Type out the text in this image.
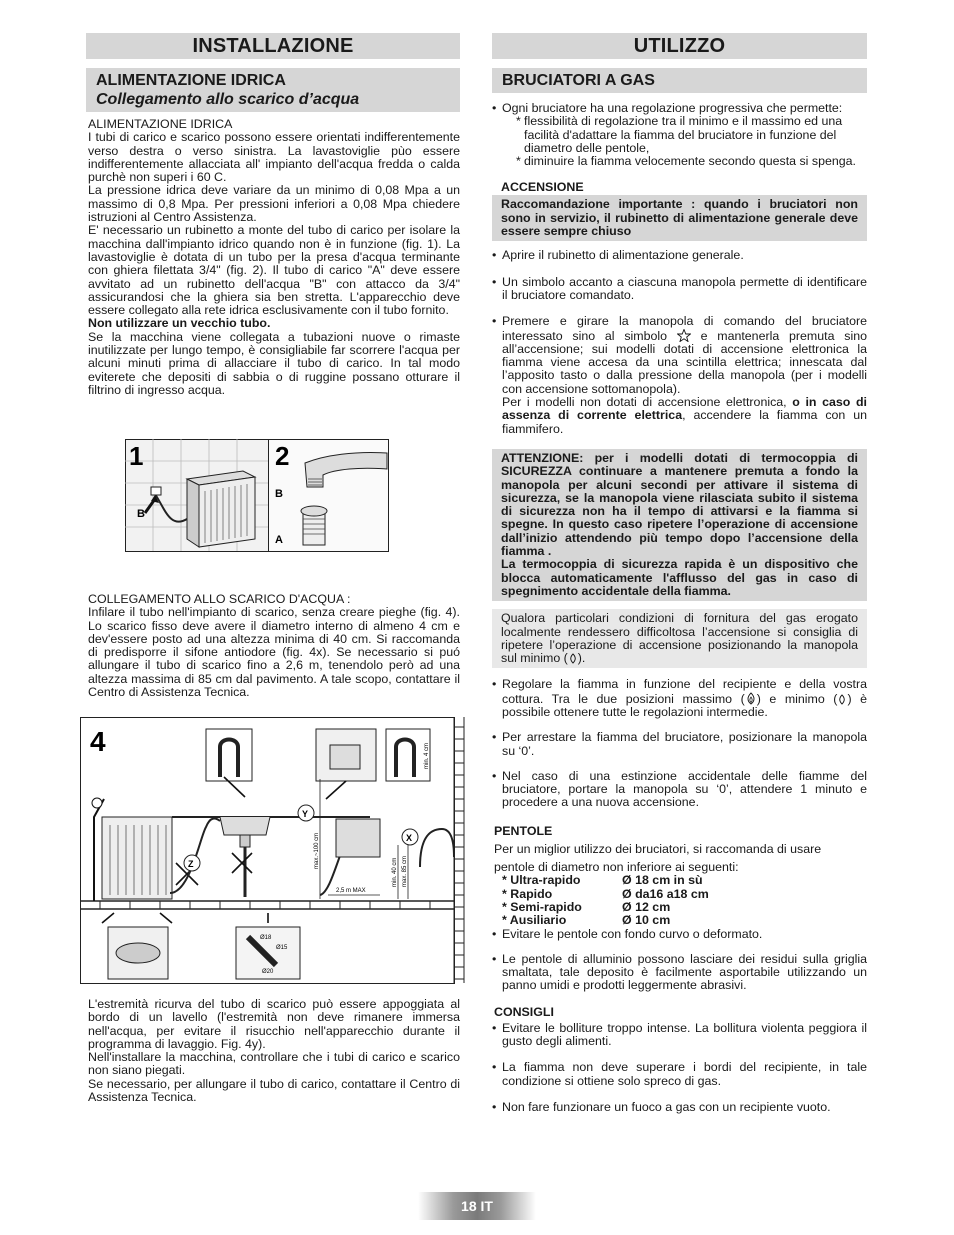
INSTALLAZIONE
ALIMENTAZIONE IDRICA
Collegamento allo scarico d’acqua

ALIMENTAZIONE IDRICA

I tubi di carico e scarico possono essere orientati indifferentemente verso destra o verso sinistra. La lavastoviglie pùo essere indifferentemente allacciata all' impianto dell'acqua fredda o calda purchè non superi i 60 C.

La pressione idrica deve variare da un minimo di 0,08 Mpa a un massimo di 0,8 Mpa. Per pressioni inferiori a 0,08 Mpa chiedere istruzioni al Centro Assistenza.

E' necessario un rubinetto a monte del tubo di carico per isolare la macchina dall'impianto idrico quando non è in funzione (fig. 1). La lavastoviglie è dotata di un tubo per la presa d'acqua terminante con ghiera filettata 3/4" (fig. 2). Il tubo di carico "A" deve essere avvitato ad un rubinetto dell'acqua "B" con attacco da 3/4" assicurandosi che la ghiera sia ben stretta. L'apparecchio deve essere collegato alla rete idrica esclusivamente con il tubo fornito.

Non utilizzare un vecchio tubo.

Se la macchina viene collegata a tubazioni nuove o rimaste inutilizzate per lungo tempo, è consigliabile far scorrere l'acqua per alcuni minuti prima di allacciare il tubo di carico. In tal modo eviterete che depositi di sabbia o di ruggine possano otturare il filtrino di ingresso acqua.

1
B
2
B
A

COLLEGAMENTO ALLO SCARICO D'ACQUA :

Infilare il tubo nell'impianto di scarico, senza creare pieghe (fig. 4). Lo scarico fisso deve avere il diametro interno di almeno 4 cm e dev'essere posto ad una altezza minima di 40 cm. Si raccomanda di predisporre il sifone antiodore (fig. 4x). Se necessario si puó allungare il tubo di scarico fino a 2,6 m, tenendolo però ad una altezza massima di 85 cm dal pavimento. A tale scopo, contattare il Centro di Assistenza Tecnica.

4
Y
Z
X
Ø18
Ø15
Ø20
max.~100 cm
min. 40 cm max. 85 cm
min. 4 cm
2,5 m MAX

L'estremità ricurva del tubo di scarico può essere appoggiata al bordo di un lavello (l'estremità non deve rimanere immersa nell'acqua, per evitare il risucchio nell'apparecchio durante il programma di lavaggio. Fig. 4y).

Nell'installare la macchina, controllare che i tubi di carico e scarico non siano piegati.

Se necessario, per allungare il tubo di carico, contattare il Centro di Assistenza Tecnica.

UTILIZZO
BRUCIATORI A GAS
• Ogni bruciatore ha una regolazione progressiva che permette:
* flessibilità di regolazione tra il minimo e il massimo ed una facilità d'adattare la fiamma del bruciatore in funzione del diametro delle pentole,
* diminuire la fiamma velocemente secondo questa si spenga.

ACCENSIONE

Raccomandazione importante : quando i bruciatori non sono in servizio, il rubinetto di alimentazione generale deve essere sempre chiuso

• Aprire il rubinetto di alimentazione generale.
• Un simbolo accanto a ciascuna manopola permette di identificare il bruciatore comandato.
• Premere e girare la manopola di comando del bruciatore interessato sino al simbolo	e mantenerla premuta sino all’accensione; sui modelli dotati di accensione elettronica la fiamma viene accesa da una scintilla elettrica; innescata dal l’apposito tasto o dalla pressione della manopola (per i modelli con accensione sottomanopola).
Per i modelli non dotati di accensione elettronica, o in caso di assenza di corrente elettrica, accendere la fiamma con un fiammifero.

ATTENZIONE: per i modelli dotati di termocoppia di SICUREZZA continuare a mantenere premuta a fondo la manopola per alcuni secondi per attivare il sistema di sicurezza, se la manopola viene rilasciata subito il sistema di sicurezza non ha il tempo di attivarsi e la fiamma si spegne. In questo caso ripetere l’operazione di accensione dall’inizio attendendo più tempo dopo l’accensione della fiamma .

La termocoppia di sicurezza rapida è un dispositivo che blocca automaticamente l'afflusso del gas in caso di spegnimento accidentale della fiamma.

Qualora particolari condizioni di fornitura del gas erogato localmente rendessero difficoltosa l’accensione si consiglia di ripetere l’operazione di accensione posizionando la manopola sul minimo ( ).

• Regolare la fiamma in funzione del recipiente e della vostra cottura. Tra le due posizioni massimo ( ) e minimo ( ) è possibile ottenere tutte le regolazioni intermedie.
• Per arrestare la fiamma del bruciatore, posizionare la manopola su ‘0’.
• Nel caso di una estinzione accidentale delle fiamme del bruciatore, portare la manopola su ‘0’, attendere 1 minuto e procedere a una nuova accensione.

PENTOLE

Per un miglior utilizzo dei bruciatori, si raccomanda di usare

pentole di diametro non inferiore ai seguenti:

* Ultra-rapido	Ø 18 cm in sù
* Rapido	Ø da16 a18 cm
* Semi-rapido	Ø 12 cm
* Ausiliario	Ø 10 cm
• Evitare le pentole con fondo curvo o deformato.
• Le pentole di alluminio possono lasciare dei residui sulla griglia smaltata, tale deposito è facilmente asportabile utilizzando un panno umidi e prodotti leggermente abrasivi.

CONSIGLI

• Evitare le bolliture troppo intense. La bollitura violenta peggiora il gusto degli alimenti.
• La fiamma non deve superare i bordi del recipiente, in tale condizione si ottiene solo spreco di gas.
• Non fare funzionare un fuoco a gas con un recipiente vuoto.
18 IT
